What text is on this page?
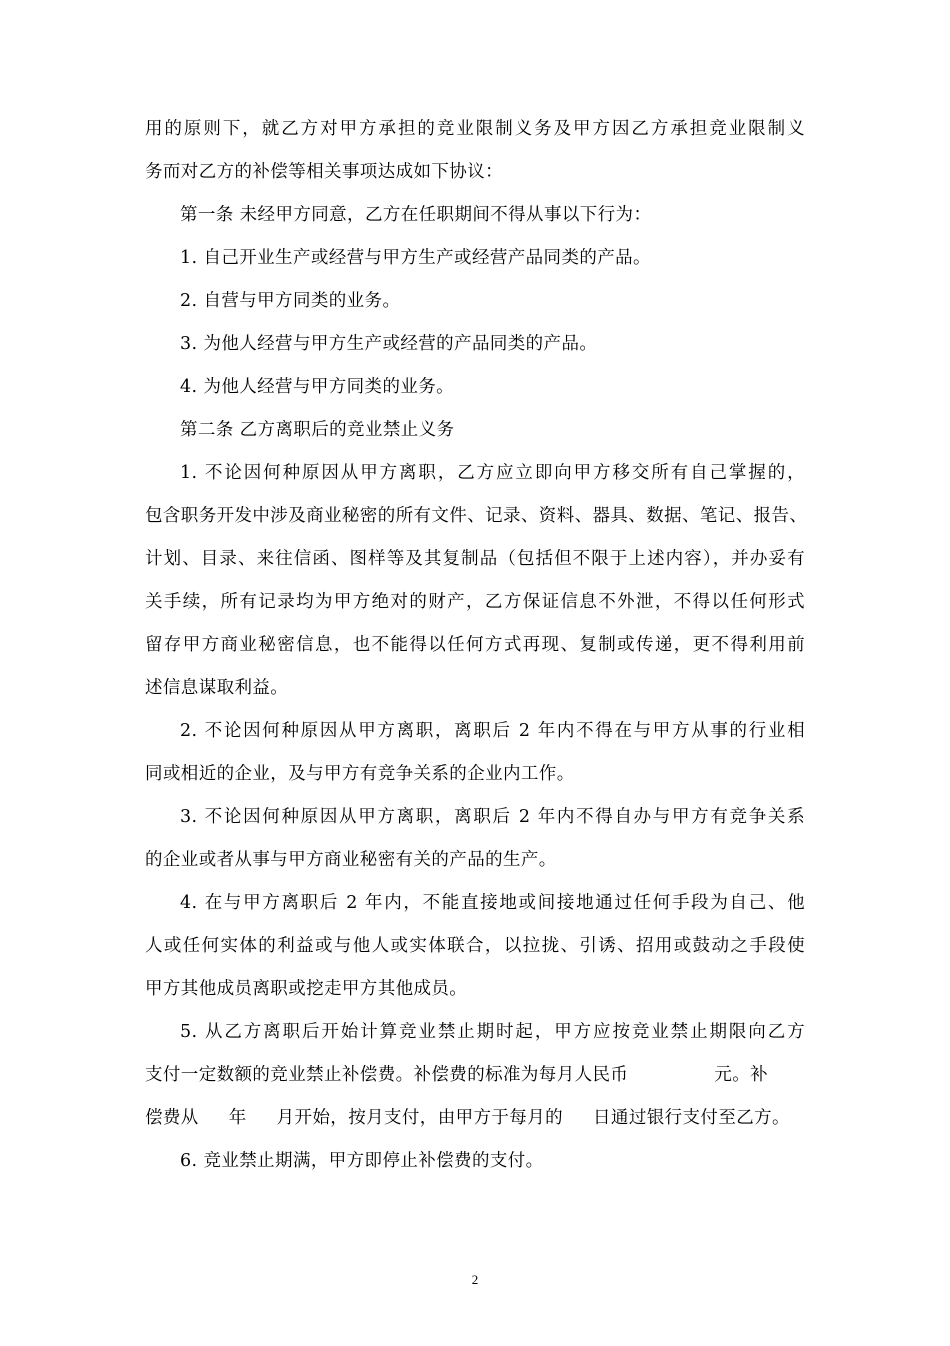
用的原则下，就乙方对甲方承担的竞业限制义务及甲方因乙方承担竞业限制义
务而对乙方的补偿等相关事项达成如下协议：
第一条 未经甲方同意，乙方在任职期间不得从事以下行为：
1. 自己开业生产或经营与甲方生产或经营产品同类的产品。
2. 自营与甲方同类的业务。
3. 为他人经营与甲方生产或经营的产品同类的产品。
4. 为他人经营与甲方同类的业务。
第二条 乙方离职后的竞业禁止义务
1. 不论因何种原因从甲方离职，乙方应立即向甲方移交所有自己掌握的，
包含职务开发中涉及商业秘密的所有文件、记录、资料、器具、数据、笔记、报告、
计划、目录、来往信函、图样等及其复制品（包括但不限于上述内容），并办妥有
关手续，所有记录均为甲方绝对的财产，乙方保证信息不外泄，不得以任何形式
留存甲方商业秘密信息，也不能得以任何方式再现、复制或传递，更不得利用前
述信息谋取利益。
2. 不论因何种原因从甲方离职，离职后 2 年内不得在与甲方从事的行业相
同或相近的企业，及与甲方有竞争关系的企业内工作。
3. 不论因何种原因从甲方离职，离职后 2 年内不得自办与甲方有竞争关系
的企业或者从事与甲方商业秘密有关的产品的生产。
4. 在与甲方离职后 2 年内，不能直接地或间接地通过任何手段为自己、他
人或任何实体的利益或与他人或实体联合，以拉拢、引诱、招用或鼓动之手段使
甲方其他成员离职或挖走甲方其他成员。
5. 从乙方离职后开始计算竞业禁止期时起，甲方应按竞业禁止期限向乙方
支付一定数额的竞业禁止补偿费。补偿费的标准为每月人民币	元。补
偿费从 年 月开始，按月支付，由甲方于每月的 日通过银行支付至乙方。
6. 竞业禁止期满，甲方即停止补偿费的支付。
2
